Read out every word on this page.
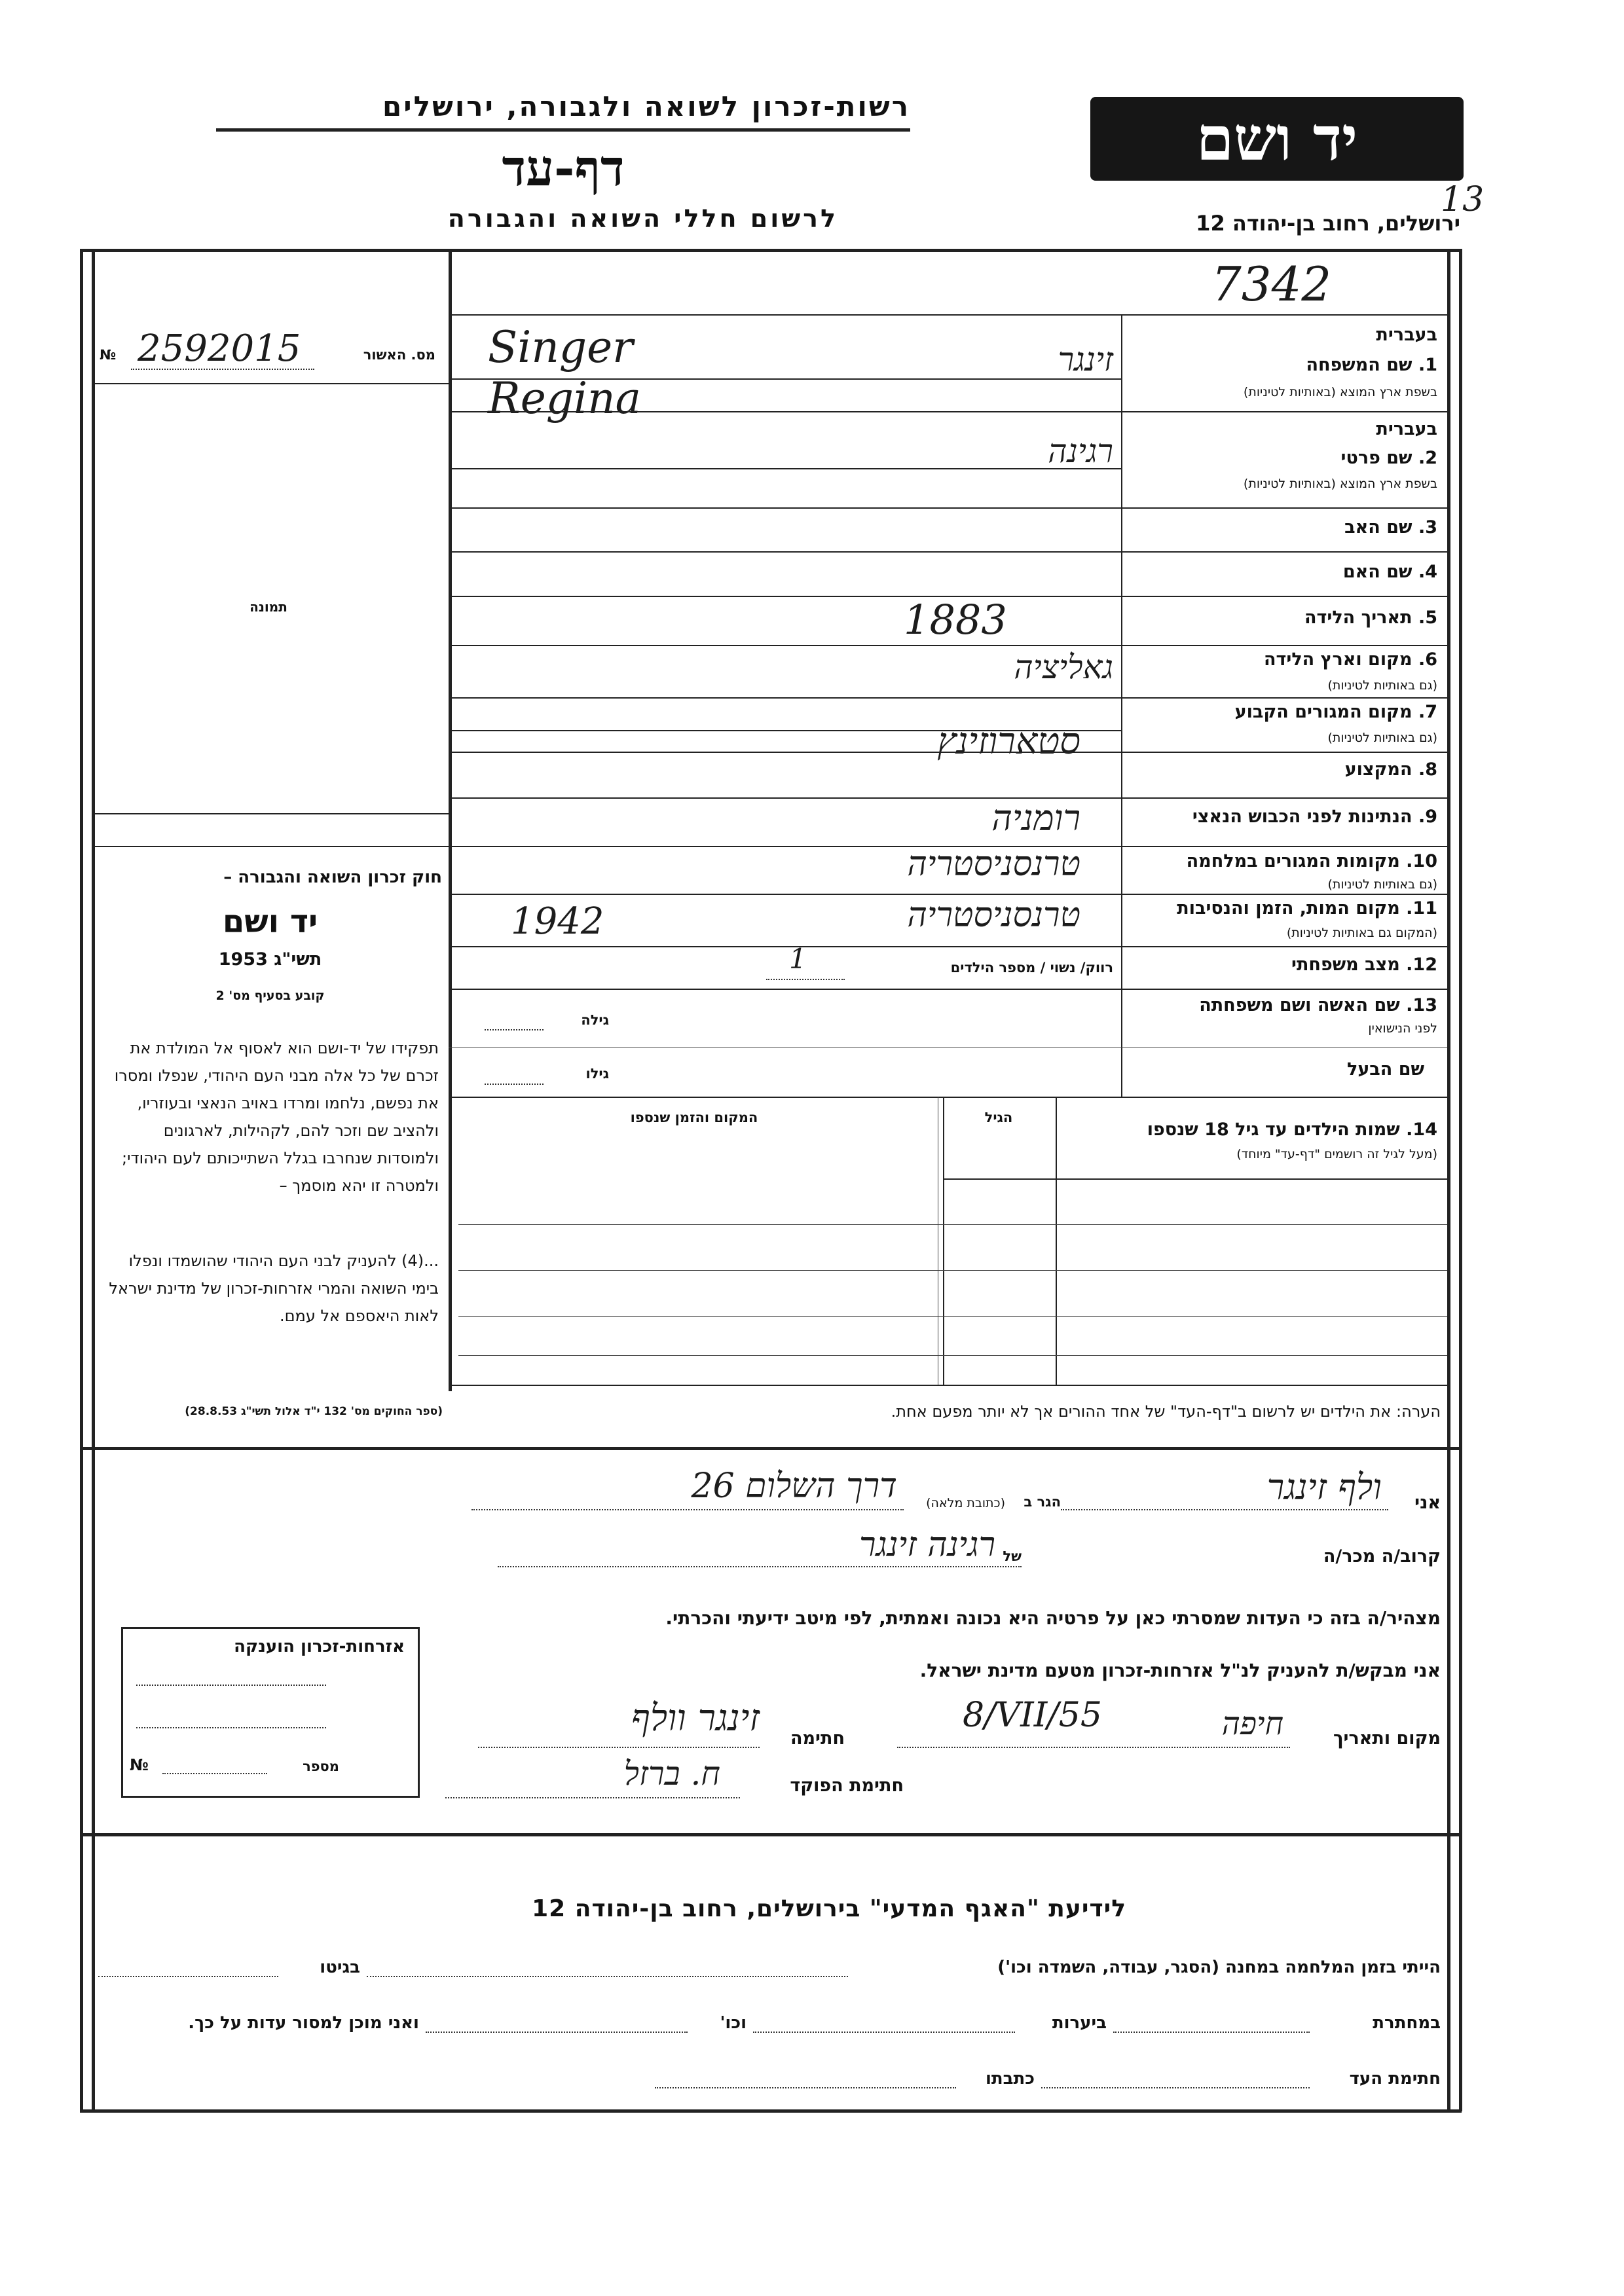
רשות-זכרון לשואה ולגבורה, ירושלים
דף-עד
לרשום חללי השואה והגבורה
יד ושם
13
ירושלים, רחוב בן-יהודה 12
7342
מס. האשור
2592015
№
תמונה
בעברית
1. שם המשפחה
בשפת ארץ המוצא (באותיות לטיניות)
זינגר
Singer
Regina
בעברית
2. שם פרטי
בשפת ארץ המוצא (באותיות לטיניות)
רגינה
3. שם האב
4. שם האם
5. תאריך הלידה
1883
6. מקום וארץ הלידה
(גם באותיות לטיניות)
גאליציה
7. מקום המגורים הקבוע
(גם באותיות לטיניות)
סטארוזינץ
8. המקצוע
9. הנתינות לפני הכבוש הנאצי
רומניה
10. מקומות המגורים במלחמה
(גם באותיות לטיניות)
טרנסניסטריה
11. מקום המות, הזמן והנסיבות
(המקום גם באותיות לטיניות)
טרנסניסטריה
1942
12. מצב משפחתי
רווק/ נשוי / מספר הילדים
1
13. שם האשה ושם משפחתה
לפני הנישואין
גילה
שם הבעל
גילו
14. שמות הילדים עד גיל 18 שנספו
(מעל לגיל זה רושמים "דף-עד" מיוחד)
הגיל
המקום והזמן שנספו
הערה: את הילדים יש לרשום ב"דף-העד" של אחד ההורים אך לא יותר מפעם אחת.
חוק זכרון השואה והגבורה –
יד ושם
תשי"ג 1953
קובע בסעיף מס' 2
תפקידו של יד-ושם הוא לאסוף אל המולדת את זכרם של כל אלה מבני העם היהודי, שנפלו ומסרו את נפשם, נלחמו ומרדו באויב הנאצי ובעוזריו, ולהציב שם וזכר להם, לקהילות, לארגונים ולמוסדות שנחרבו בגלל השתייכותם לעם היהודי; ולמטרה זו יהא מוסמך –
...(4) להעניק לבני העם היהודי שהושמדו ונפלו בימי השואה והמרי אזרחות-זכרון של מדינת ישראל לאות היאספם אל עמם.
(ספר החוקים מס' 132 י"ד אלול תשי"ג 28.8.53)
אני
ולף זינגר
הגר ב
(כתובת מלאה)
דרך השלום 26
קרוב/ה מכר/ה
רגינה זינגר של
מצהיר/ה בזה כי העדות שמסרתי כאן על פרטיה היא נכונה ואמתית, לפי מיטב ידיעתי והכרתי.
אני מבקש/ת להעניק לנ"ל אזרחות-זכרון מטעם מדינת ישראל.
מקום ותאריך
חיפה
8/VII/55
חתימה
זינגר וולף
חתימת הפוקד
ח. ברזל
אזרחות-זכרון הוענקה
מספר
№
לידיעת "האגף המדעי" בירושלים, רחוב בן-יהודה 12
הייתי בזמן המלחמה במחנה (הסגר, עבודה, השמדה וכו')
בגיטו
במחתרת
ביערות
וכו'
ואני מוכן למסור עדות על כך.
חתימת העד
כתבתו
